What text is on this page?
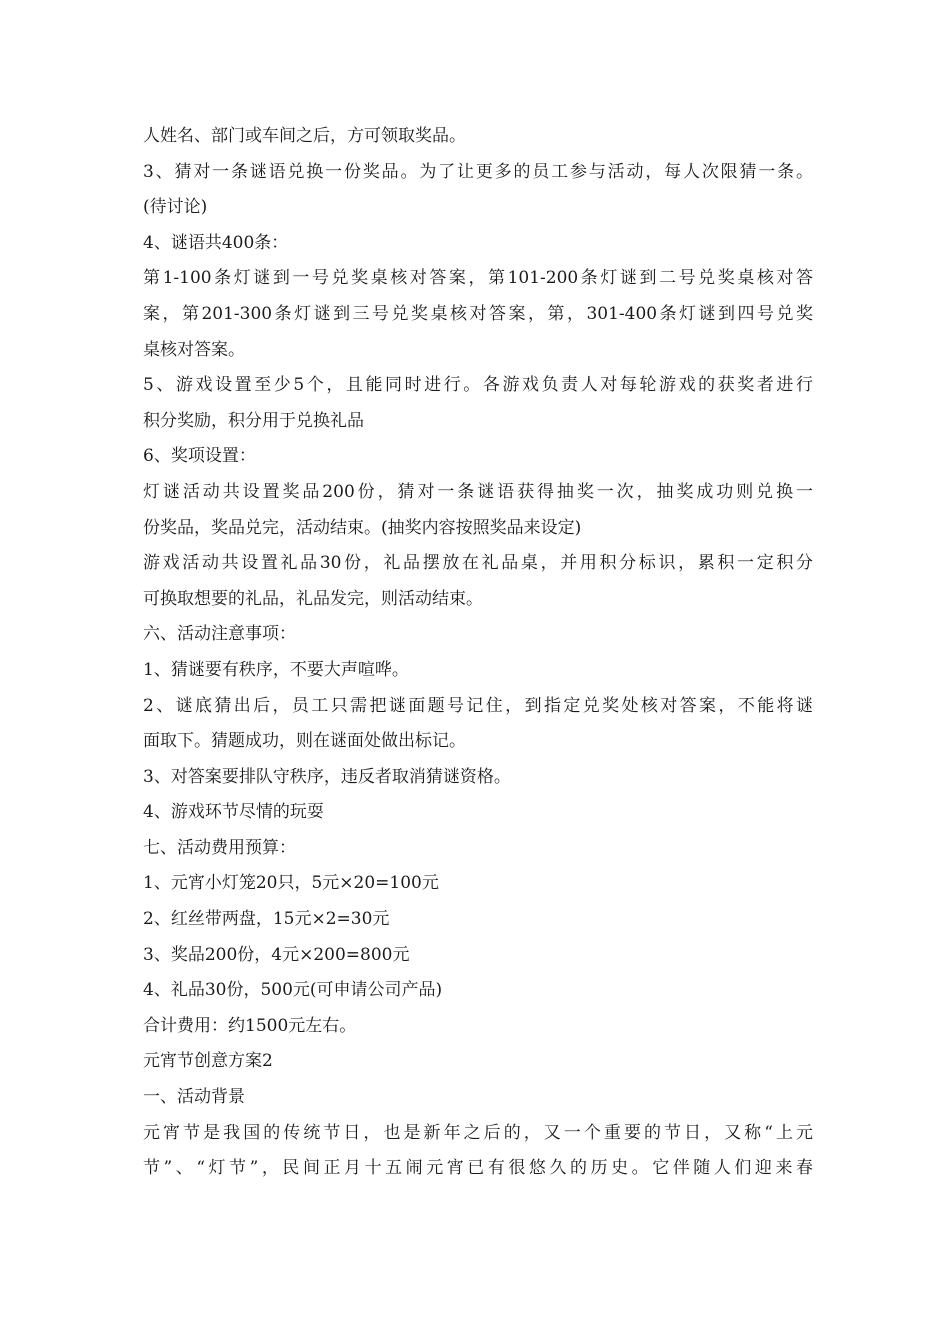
人姓名、部门或车间之后，方可领取奖品。
3、猜对一条谜语兑换一份奖品。为了让更多的员工参与活动，每人次限猜一条。
(待讨论)
4、谜语共400条：
第1-100条灯谜到一号兑奖桌核对答案，第101-200条灯谜到二号兑奖桌核对答
案，第201-300条灯谜到三号兑奖桌核对答案，第，301-400条灯谜到四号兑奖
桌核对答案。
5、游戏设置至少5个，且能同时进行。各游戏负责人对每轮游戏的获奖者进行
积分奖励，积分用于兑换礼品
6、奖项设置：
灯谜活动共设置奖品200份，猜对一条谜语获得抽奖一次，抽奖成功则兑换一
份奖品，奖品兑完，活动结束。(抽奖内容按照奖品来设定)
游戏活动共设置礼品30份，礼品摆放在礼品桌，并用积分标识，累积一定积分
可换取想要的礼品，礼品发完，则活动结束。
六、活动注意事项：
1、猜谜要有秩序，不要大声喧哗。
2、谜底猜出后，员工只需把谜面题号记住，到指定兑奖处核对答案，不能将谜
面取下。猜题成功，则在谜面处做出标记。
3、对答案要排队守秩序，违反者取消猜谜资格。
4、游戏环节尽情的玩耍
七、活动费用预算：
1、元宵小灯笼20只，5元×20=100元
2、红丝带两盘，15元×2=30元
3、奖品200份，4元×200=800元
4、礼品30份，500元(可申请公司产品)
合计费用：约1500元左右。
元宵节创意方案2
一、活动背景
元宵节是我国的传统节日，也是新年之后的，又一个重要的节日，又称“上元
节”、“灯节”，民间正月十五闹元宵已有很悠久的历史。它伴随人们迎来春
